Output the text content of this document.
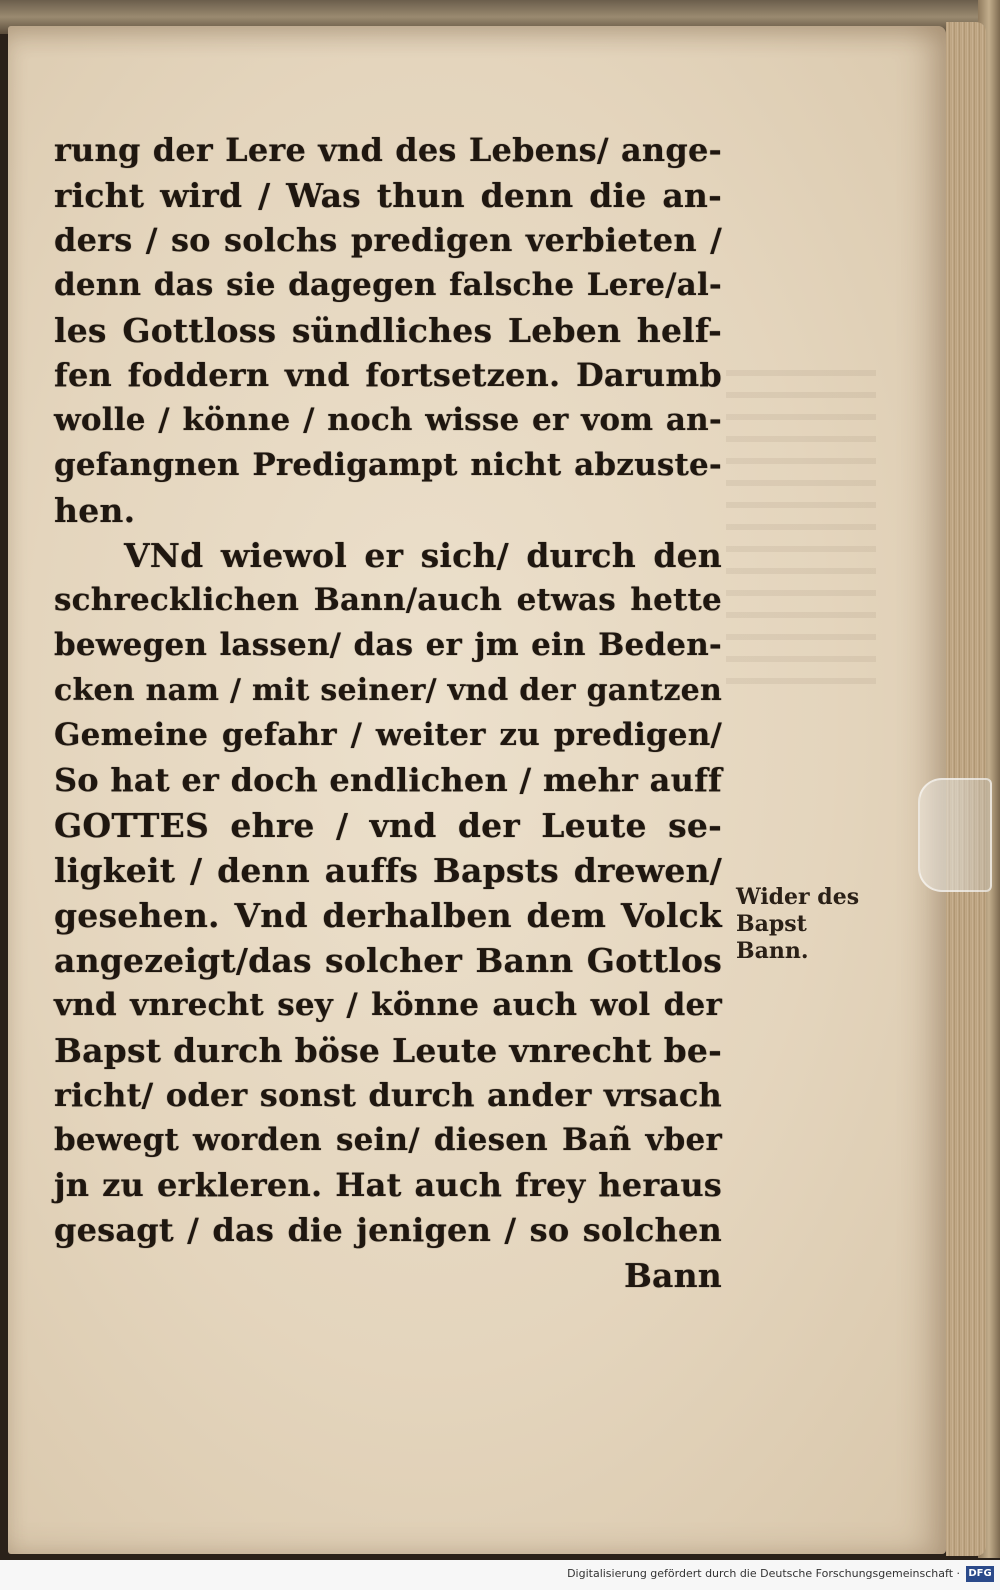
rung der Lere vnd des Lebens/ ange-
richt wird / Was thun denn die an-
ders / so solchs predigen verbieten /
denn das sie dagegen falsche Lere/al-
les Gottloss sündliches Leben helf-
fen foddern vnd fortsetzen. Darumb
wolle / könne / noch wisse er vom an-
gefangnen Predigampt nicht abzuste-
hen.
VNd wiewol er sich/ durch den
schrecklichen Bann/auch etwas hette
bewegen lassen/ das er jm ein Beden-
cken nam / mit seiner/ vnd der gantzen
Gemeine gefahr / weiter zu predigen/
So hat er doch endlichen / mehr auff
GOTTES ehre / vnd der Leute se-
ligkeit / denn auffs Bapsts drewen/
gesehen. Vnd derhalben dem Volck
angezeigt/das solcher Bann Gottlos
vnd vnrecht sey / könne auch wol der
Bapst durch böse Leute vnrecht be-
richt/ oder sonst durch ander vrsach
bewegt worden sein/ diesen Bañ vber
jn zu erkleren. Hat auch frey heraus
gesagt / das die jenigen / so solchen
Bann
Wider des
Bapst
Bann.
Digitalisierung gefördert durch die Deutsche Forschungsgemeinschaft · DFG
